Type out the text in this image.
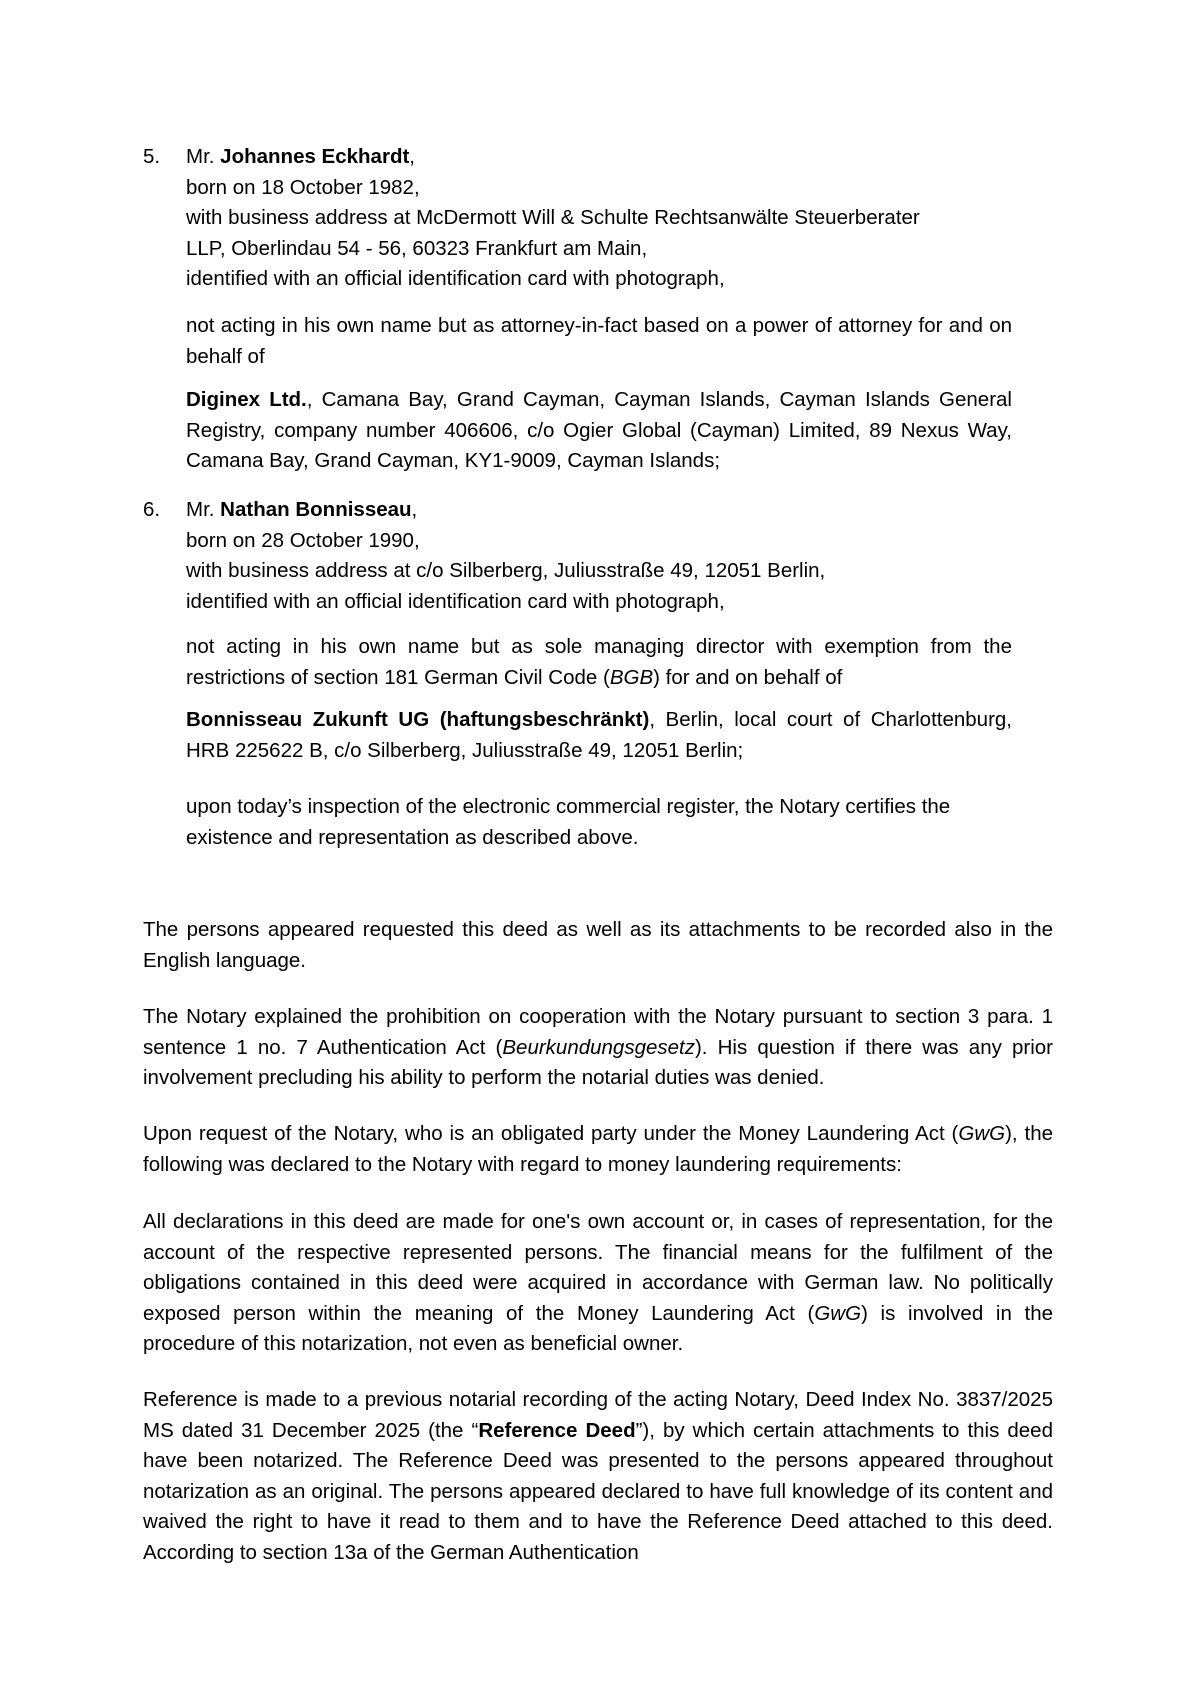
5. Mr. Johannes Eckhardt,
born on 18 October 1982,
with business address at McDermott Will & Schulte Rechtsanwälte Steuerberater
LLP, Oberlindau 54 - 56, 60323 Frankfurt am Main,
identified with an official identification card with photograph,

not acting in his own name but as attorney-in-fact based on a power of attorney for and on behalf of

Diginex Ltd., Camana Bay, Grand Cayman, Cayman Islands, Cayman Islands General Registry, company number 406606, c/o Ogier Global (Cayman) Limited, 89 Nexus Way, Camana Bay, Grand Cayman, KY1-9009, Cayman Islands;

6. Mr. Nathan Bonnisseau,
born on 28 October 1990,
with business address at c/o Silberberg, Juliusstraße 49, 12051 Berlin,
identified with an official identification card with photograph,

not acting in his own name but as sole managing director with exemption from the restrictions of section 181 German Civil Code (BGB) for and on behalf of

Bonnisseau Zukunft UG (haftungsbeschränkt), Berlin, local court of Charlottenburg, HRB 225622 B, c/o Silberberg, Juliusstraße 49, 12051 Berlin;

upon today’s inspection of the electronic commercial register, the Notary certifies the existence and representation as described above.

The persons appeared requested this deed as well as its attachments to be recorded also in the English language.

The Notary explained the prohibition on cooperation with the Notary pursuant to section 3 para. 1 sentence 1 no. 7 Authentication Act (Beurkundungsgesetz). His question if there was any prior involvement precluding his ability to perform the notarial duties was denied.

Upon request of the Notary, who is an obligated party under the Money Laundering Act (GwG), the following was declared to the Notary with regard to money laundering requirements:

All declarations in this deed are made for one's own account or, in cases of representation, for the account of the respective represented persons. The financial means for the fulfilment of the obligations contained in this deed were acquired in accordance with German law. No politically exposed person within the meaning of the Money Laundering Act (GwG) is involved in the procedure of this notarization, not even as beneficial owner.

Reference is made to a previous notarial recording of the acting Notary, Deed Index No. 3837/2025 MS dated 31 December 2025 (the “Reference Deed”), by which certain attachments to this deed have been notarized. The Reference Deed was presented to the persons appeared throughout notarization as an original. The persons appeared declared to have full knowledge of its content and waived the right to have it read to them and to have the Reference Deed attached to this deed. According to section 13a of the German Authentication
